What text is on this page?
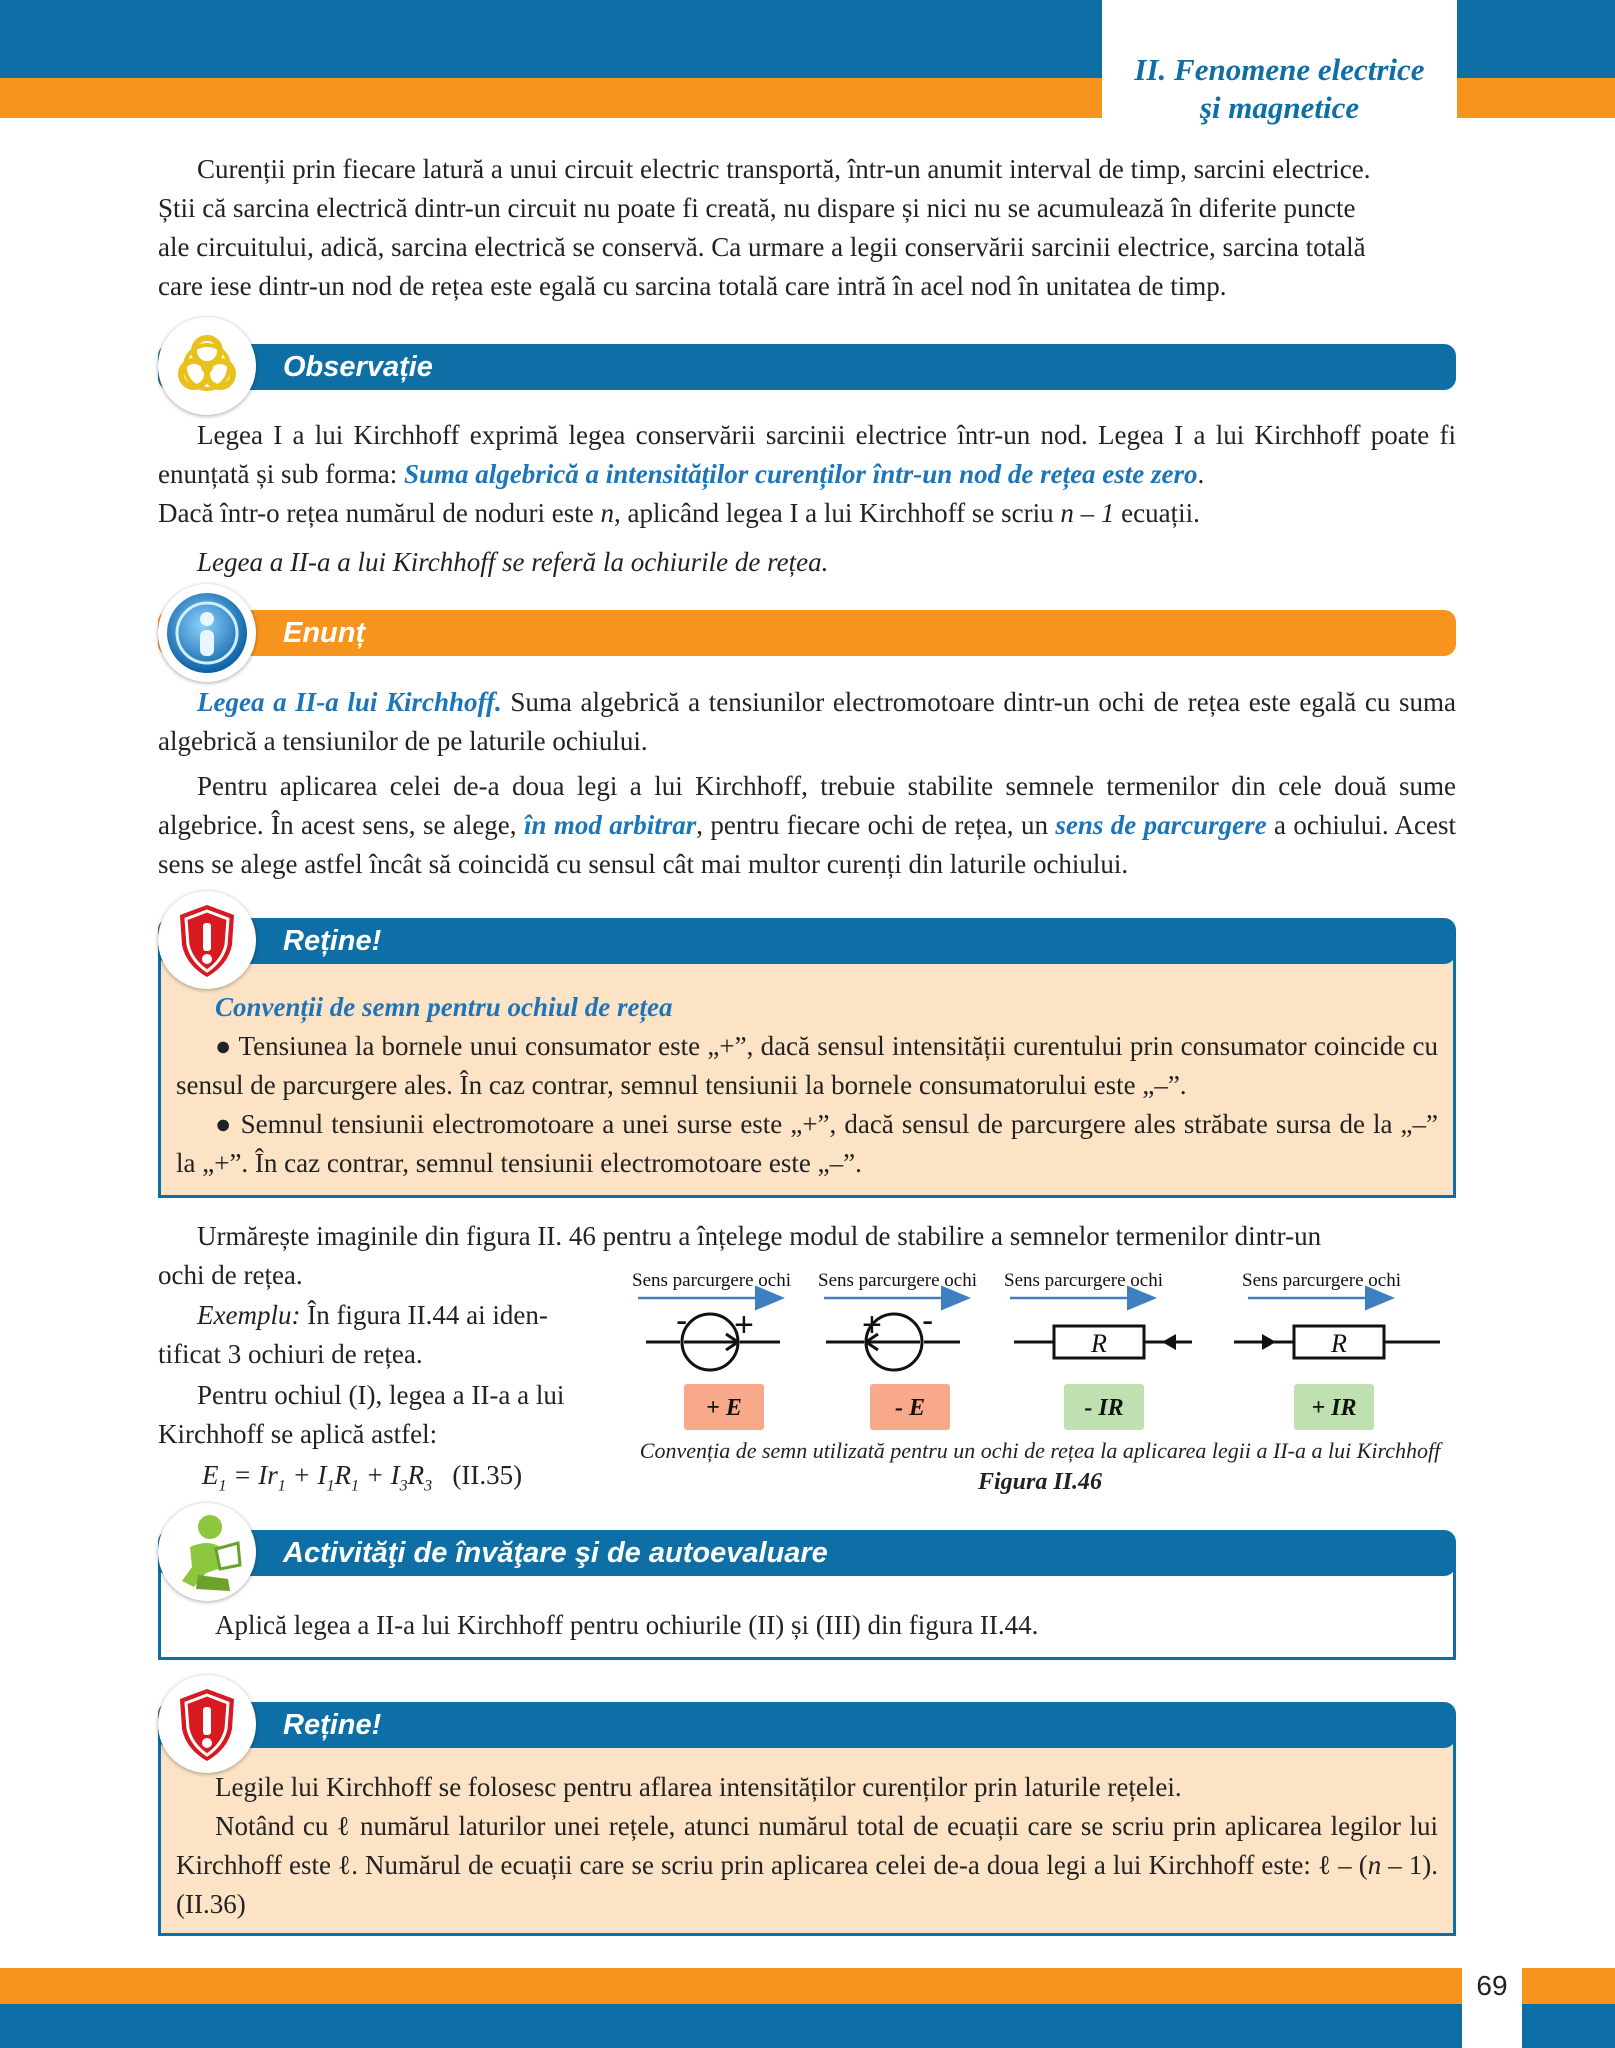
II. Fenomene electrice
şi magnetice
Curenții prin fiecare latură a unui circuit electric transportă, într-un anumit interval de timp, sarcini electrice.
Știi că sarcina electrică dintr-un circuit nu poate fi creată, nu dispare și nici nu se acumulează în diferite puncte
ale circuitului, adică, sarcina electrică se conservă. Ca urmare a legii conservării sarcinii electrice, sarcina totală
care iese dintr-un nod de rețea este egală cu sarcina totală care intră în acel nod în unitatea de timp.
Observație
Legea I a lui Kirchhoff exprimă legea conservării sarcinii electrice într-un nod. Legea I a lui Kirchhoff poate fi enunțată și sub forma: Suma algebrică a intensităților curenților într-un nod de rețea este zero.
Dacă într-o rețea numărul de noduri este n, aplicând legea I a lui Kirchhoff se scriu n – 1 ecuații.
Legea a II-a a lui Kirchhoff se referă la ochiurile de rețea.
Enunț
Legea a II-a lui Kirchhoff. Suma algebrică a tensiunilor electromotoare dintr-un ochi de rețea este egală cu suma algebrică a tensiunilor de pe laturile ochiului.
Pentru aplicarea celei de-a doua legi a lui Kirchhoff, trebuie stabilite semnele termenilor din cele două sume algebrice. În acest sens, se alege, în mod arbitrar, pentru fiecare ochi de rețea, un sens de parcurgere a ochiului. Acest sens se alege astfel încât să coincidă cu sensul cât mai multor curenți din laturile ochiului.
Reține!
Convenții de semn pentru ochiul de rețea
● Tensiunea la bornele unui consumator este „+”, dacă sensul intensității curentului prin consumator coincide cu sensul de parcurgere ales. În caz contrar, semnul tensiunii la bornele consumatorului este „–”.
● Semnul tensiunii electromotoare a unei surse este „+”, dacă sensul de parcurgere ales străbate sursa de la „–” la „+”. În caz contrar, semnul tensiunii electromotoare este „–”.
Urmărește imaginile din figura II. 46 pentru a înțelege modul de stabilire a semnelor termenilor dintr-un
ochi de rețea.
Exemplu: În figura II.44 ai iden-
tificat 3 ochiuri de rețea.
Pentru ochiul (I), legea a II-a a lui
Kirchhoff se aplică astfel:
$E_1 = Ir_1 + I_1R_1 + I_3R_3$ (II.35)
Sens parcurgere ochi
- +
+ E
Sens parcurgere ochi
+ -
- E
Sens parcurgere ochi
R
- IR
Sens parcurgere ochi
R
+ IR
Convenția de semn utilizată pentru un ochi de rețea la aplicarea legii a II-a a lui Kirchhoff
Figura II.46
Activităţi de învăţare şi de autoevaluare
Aplică legea a II-a lui Kirchhoff pentru ochiurile (II) și (III) din figura II.44.
Reține!
Legile lui Kirchhoff se folosesc pentru aflarea intensităților curenților prin laturile rețelei.
Notând cu ℓ numărul laturilor unei rețele, atunci numărul total de ecuații care se scriu prin aplicarea legilor lui Kirchhoff este ℓ. Numărul de ecuații care se scriu prin aplicarea celei de-a doua legi a lui Kirchhoff este: ℓ – (n – 1). (II.36)
69
